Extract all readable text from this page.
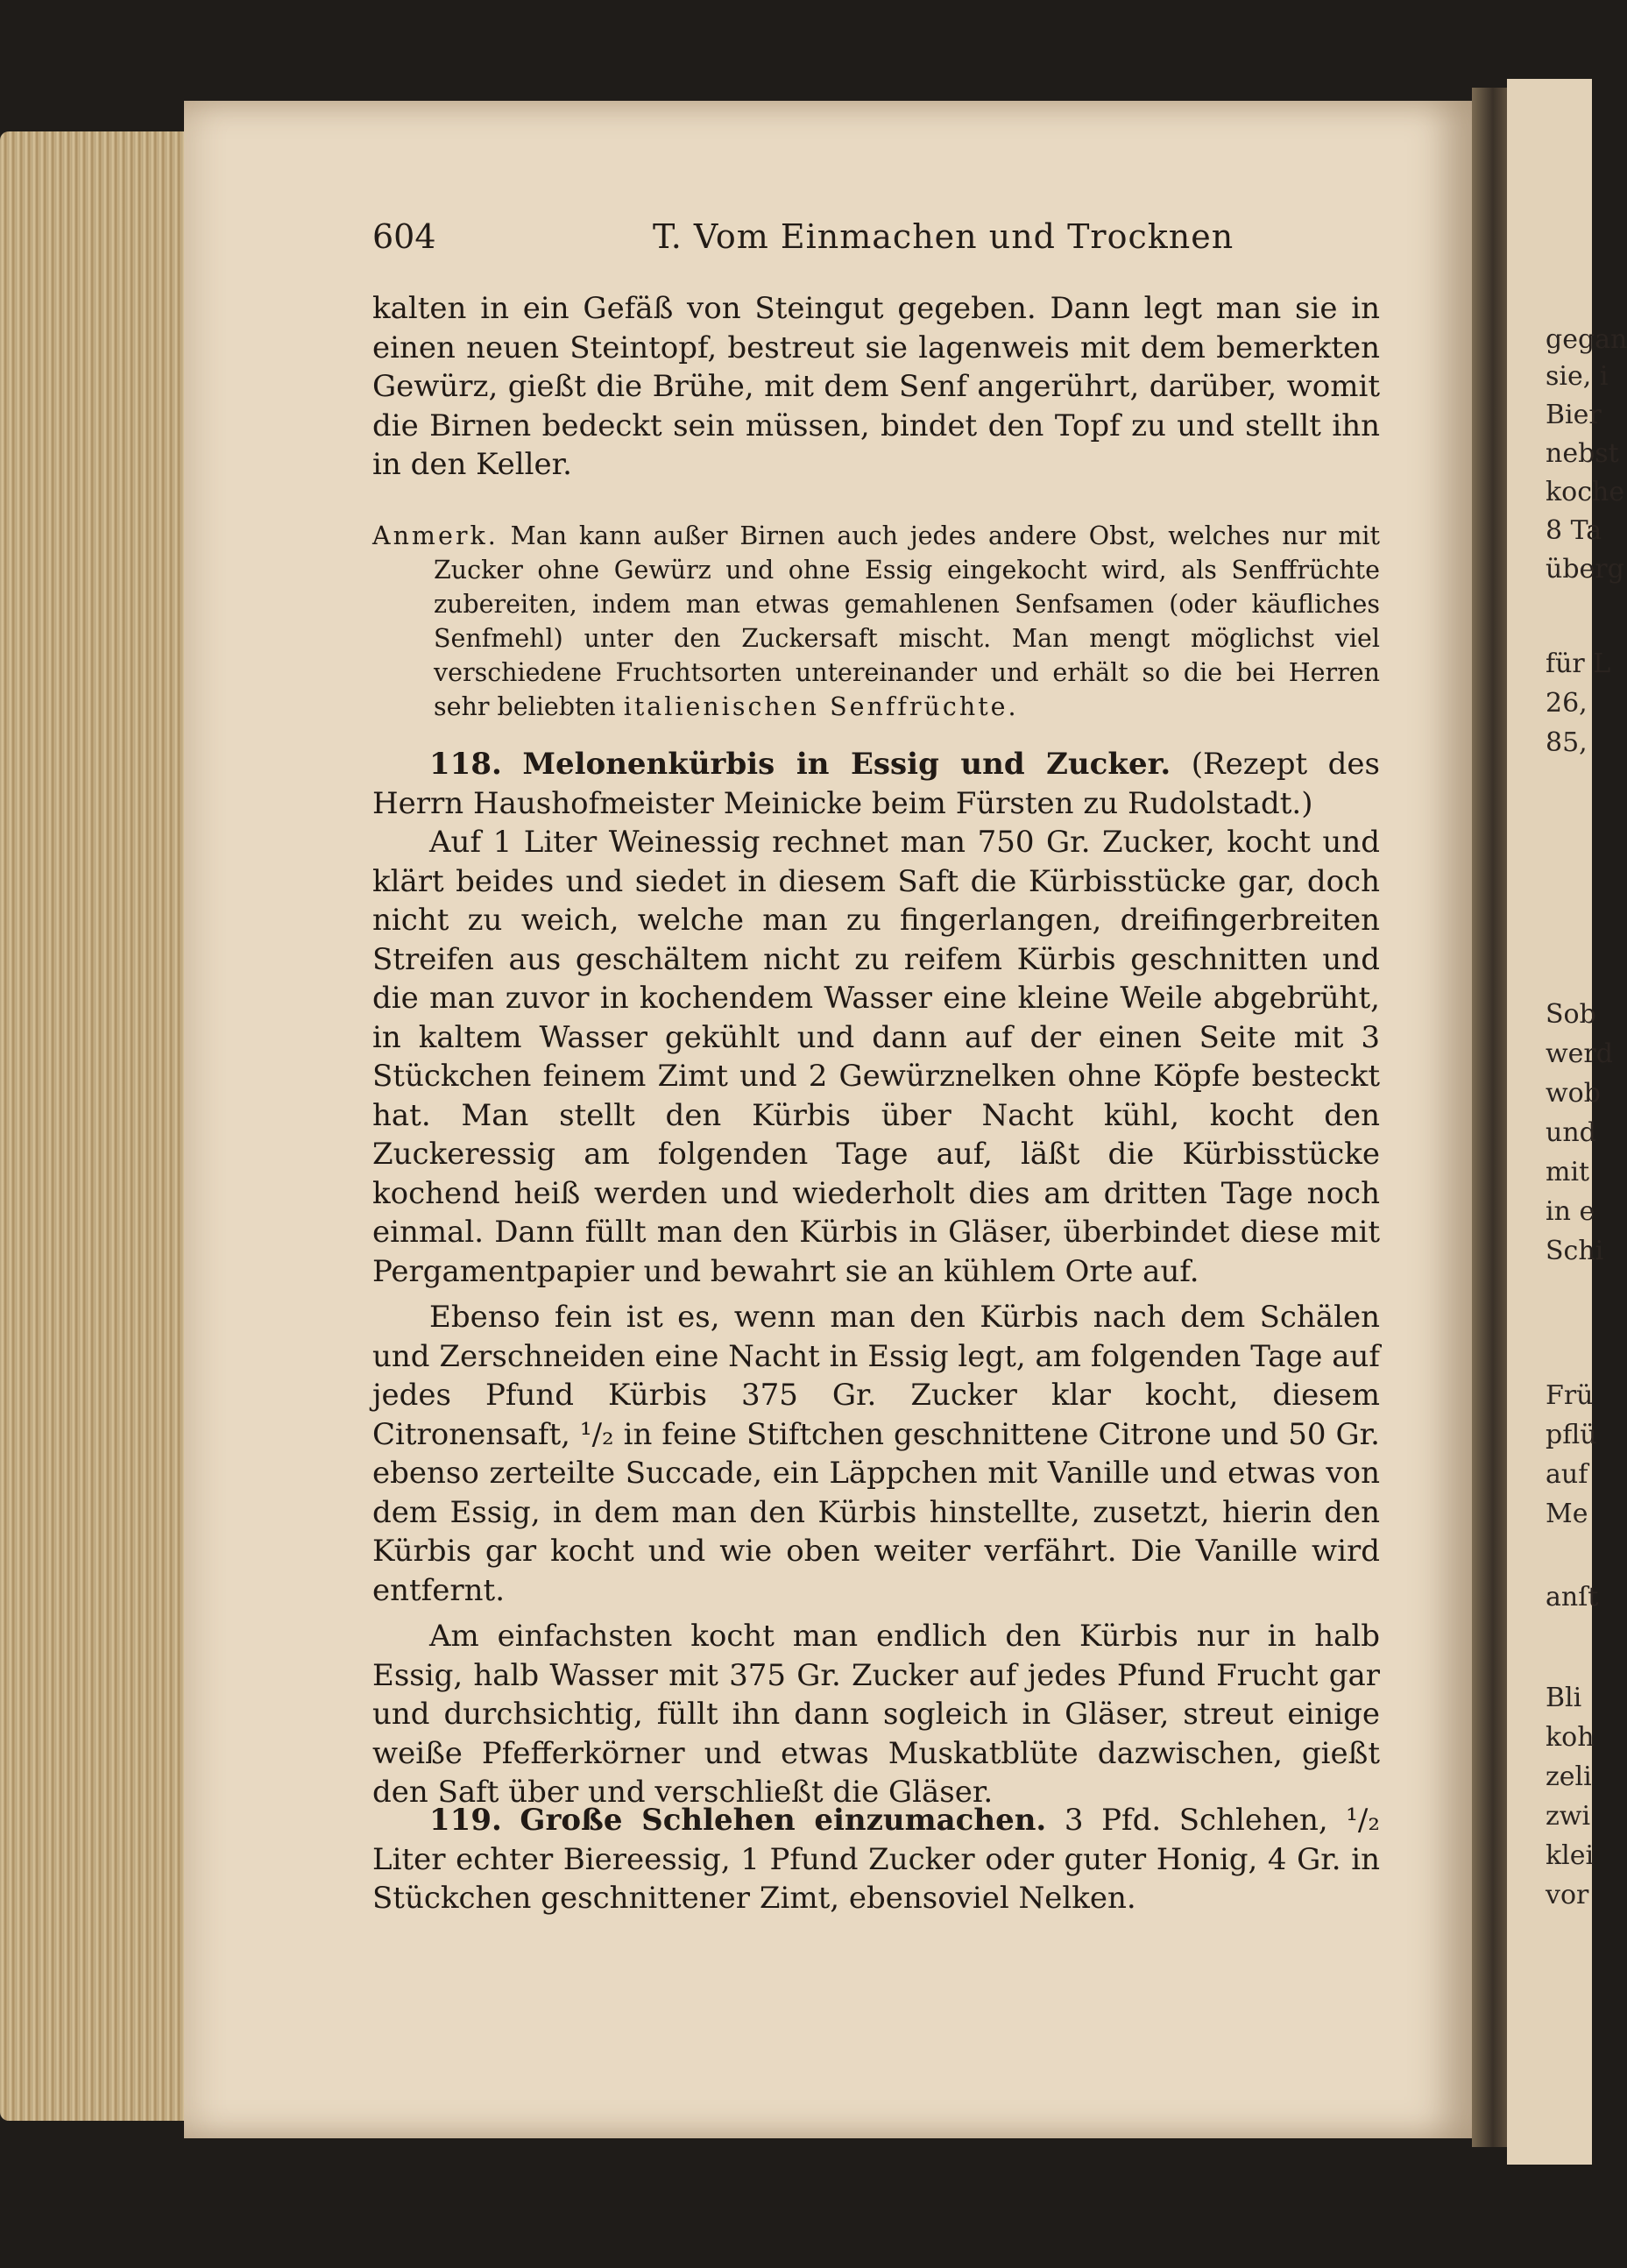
gegan
sie, i
Bier
nebst
koche
8 Ta
überg
für L
26,
85,
Sob
werd
wob
und
mit
in e
Schi
Frü
pflü
auf
Me
anſt
Bli
koh
zeli
zwi
klei
vor
604	T. Vom Einmachen und Trocknen

kalten in ein Gefäß von Steingut gegeben. Dann legt man sie in einen neuen Steintopf, bestreut sie lagenweis mit dem bemerkten Gewürz, gießt die Brühe, mit dem Senf angerührt, darüber, womit die Birnen bedeckt sein müssen, bindet den Topf zu und stellt ihn in den Keller.

Anmerk. Man kann außer Birnen auch jedes andere Obst, welches nur mit Zucker ohne Gewürz und ohne Essig eingekocht wird, als Senffrüchte zubereiten, indem man etwas gemahlenen Senfsamen (oder käufliches Senfmehl) unter den Zuckersaft mischt. Man mengt möglichst viel verschiedene Fruchtsorten untereinander und erhält so die bei Herren sehr beliebten italienischen Senffrüchte.

118. Melonenkürbis in Essig und Zucker. (Rezept des Herrn Haushofmeister Meinicke beim Fürsten zu Rudolstadt.)

Auf 1 Liter Weinessig rechnet man 750 Gr. Zucker, kocht und klärt beides und siedet in diesem Saft die Kürbisstücke gar, doch nicht zu weich, welche man zu fingerlangen, dreifingerbreiten Streifen aus geschältem nicht zu reifem Kürbis geschnitten und die man zuvor in kochendem Wasser eine kleine Weile abgebrüht, in kaltem Wasser gekühlt und dann auf der einen Seite mit 3 Stückchen feinem Zimt und 2 Gewürznelken ohne Köpfe besteckt hat. Man stellt den Kürbis über Nacht kühl, kocht den Zuckeressig am folgenden Tage auf, läßt die Kürbisstücke kochend heiß werden und wiederholt dies am dritten Tage noch einmal. Dann füllt man den Kürbis in Gläser, überbindet diese mit Pergamentpapier und bewahrt sie an kühlem Orte auf.

Ebenso fein ist es, wenn man den Kürbis nach dem Schälen und Zerschneiden eine Nacht in Essig legt, am folgenden Tage auf jedes Pfund Kürbis 375 Gr. Zucker klar kocht, diesem Citronensaft, ¹/₂ in feine Stiftchen geschnittene Citrone und 50 Gr. ebenso zerteilte Succade, ein Läppchen mit Vanille und etwas von dem Essig, in dem man den Kürbis hinstellte, zusetzt, hierin den Kürbis gar kocht und wie oben weiter verfährt. Die Vanille wird entfernt.

Am einfachsten kocht man endlich den Kürbis nur in halb Essig, halb Wasser mit 375 Gr. Zucker auf jedes Pfund Frucht gar und durchsichtig, füllt ihn dann sogleich in Gläser, streut einige weiße Pfefferkörner und etwas Muskatblüte dazwischen, gießt den Saft über und verschließt die Gläser.

119. Große Schlehen einzumachen. 3 Pfd. Schlehen, ¹/₂ Liter echter Biereessig, 1 Pfund Zucker oder guter Honig, 4 Gr. in Stückchen geschnittener Zimt, ebensoviel Nelken.
